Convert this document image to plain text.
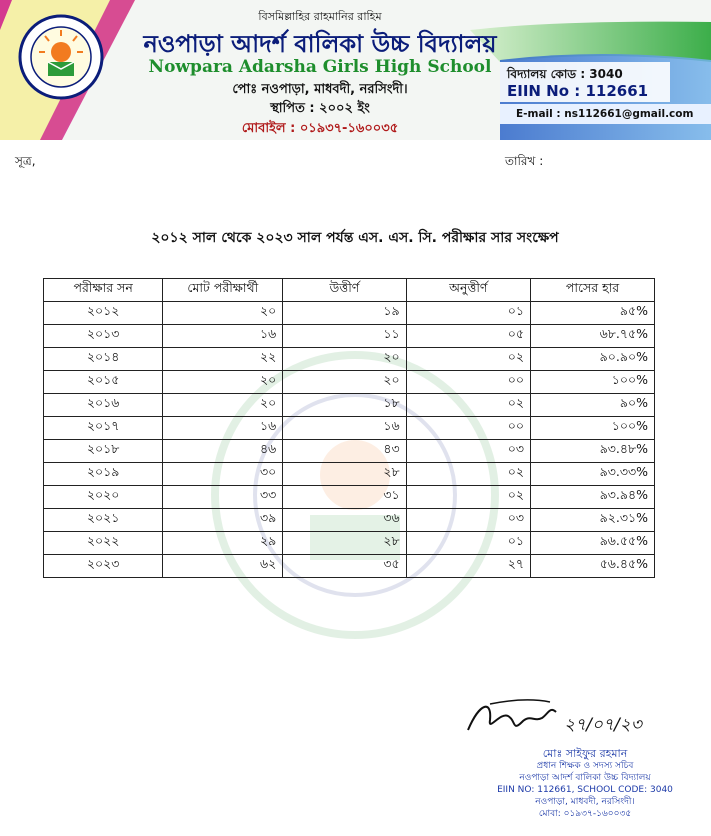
বিসমিল্লাহির রাহমানির রাহিম
নওপাড়া আদর্শ বালিকা উচ্চ বিদ্যালয়
Nowpara Adarsha Girls High School
পোঃ নওপাড়া, মাধবদী, নরসিংদী।
স্থাপিত : ২০০২ ইং
মোবাইল : ০১৯৩৭-১৬০০৩৫
বিদ্যালয় কোড : 3040
EIIN No : 112661
E-mail : ns112661@gmail.com
সূত্র,	তারিখ :
২০১২ সাল থেকে ২০২৩ সাল পর্যন্ত এস. এস. সি. পরীক্ষার সার সংক্ষেপ
পরীক্ষার সন	মোট পরীক্ষার্থী	উত্তীর্ণ	অনুত্তীর্ণ	পাসের হার
২০১২	২০	১৯	০১	৯৫%
২০১৩	১৬	১১	০৫	৬৮.৭৫%
২০১৪	২২	২০	০২	৯০.৯০%
২০১৫	২০	২০	০০	১০০%
২০১৬	২০	১৮	০২	৯০%
২০১৭	১৬	১৬	০০	১০০%
২০১৮	৪৬	৪৩	০৩	৯৩.৪৮%
২০১৯	৩০	২৮	০২	৯৩.৩৩%
২০২০	৩৩	৩১	০২	৯৩.৯৪%
২০২১	৩৯	৩৬	০৩	৯২.৩১%
২০২২	২৯	২৮	০১	৯৬.৫৫%
২০২৩	৬২	৩৫	২৭	৫৬.৪৫%
২৭/০৭/২৩
মোঃ সাইফুর রহমান
প্রধান শিক্ষক ও সদস্য সচিব
নওপাড়া আদর্শ বালিকা উচ্চ বিদ্যালয়
EIIN NO: 112661, SCHOOL CODE: 3040
নওপাড়া, মাধবদী, নরসিংদী।
মোবা: ০১৯৩৭-১৬০০৩৫
